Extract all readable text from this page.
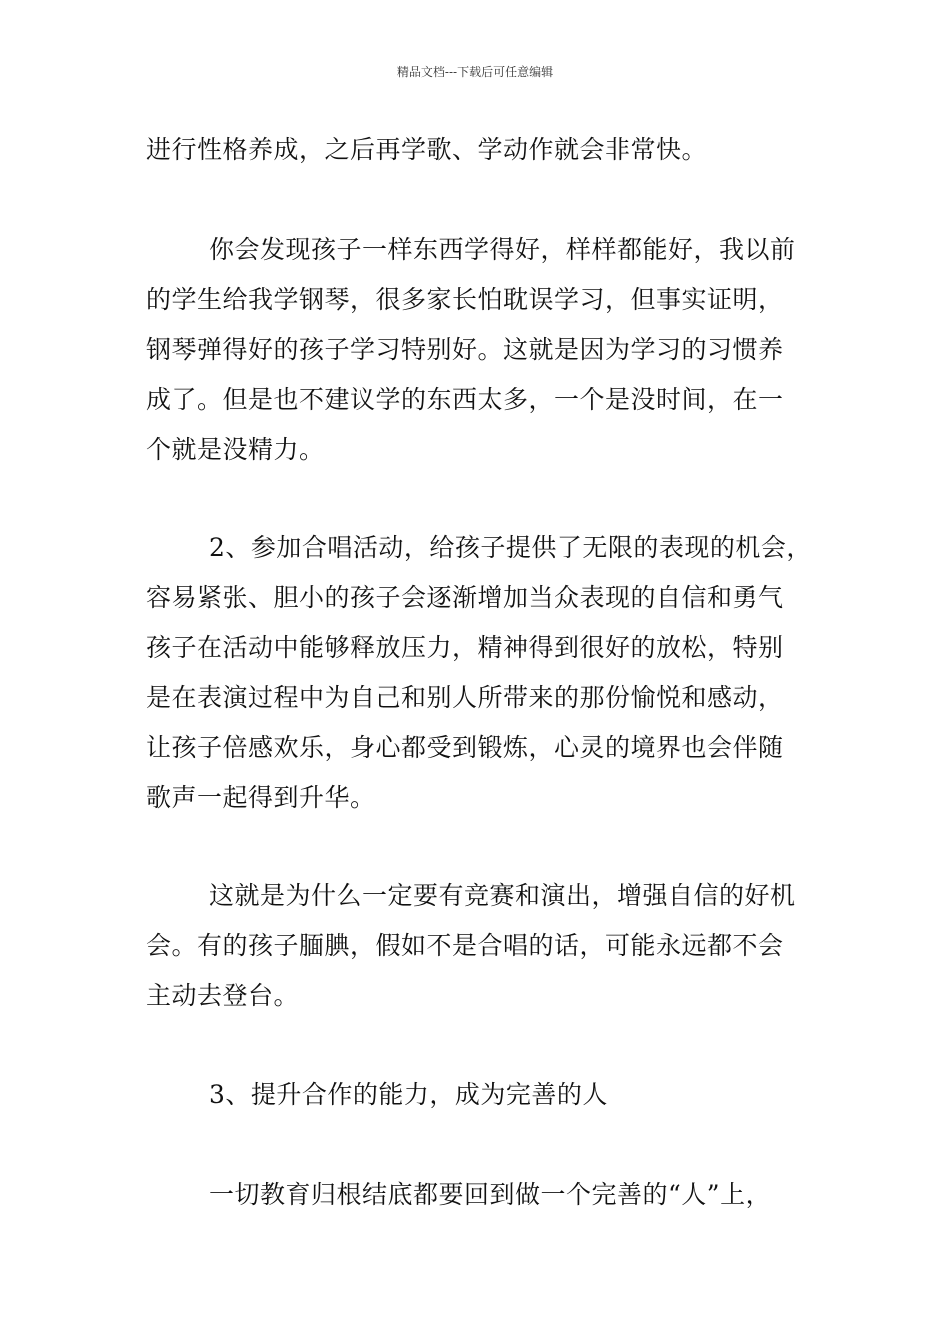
精品文档---下载后可任意编辑
进行性格养成，之后再学歌、学动作就会非常快。
你会发现孩子一样东西学得好，样样都能好，我以前
的学生给我学钢琴，很多家长怕耽误学习，但事实证明，
钢琴弹得好的孩子学习特别好。这就是因为学习的习惯养
成了。但是也不建议学的东西太多，一个是没时间，在一
个就是没精力。
2、参加合唱活动，给孩子提供了无限的表现的机会，
容易紧张、胆小的孩子会逐渐增加当众表现的自信和勇气
孩子在活动中能够释放压力，精神得到很好的放松，特别
是在表演过程中为自己和别人所带来的那份愉悦和感动，
让孩子倍感欢乐，身心都受到锻炼，心灵的境界也会伴随
歌声一起得到升华。
这就是为什么一定要有竞赛和演出，增强自信的好机
会。有的孩子腼腆，假如不是合唱的话，可能永远都不会
主动去登台。
3、提升合作的能力，成为完善的人
一切教育归根结底都要回到做一个完善的“人”上，
